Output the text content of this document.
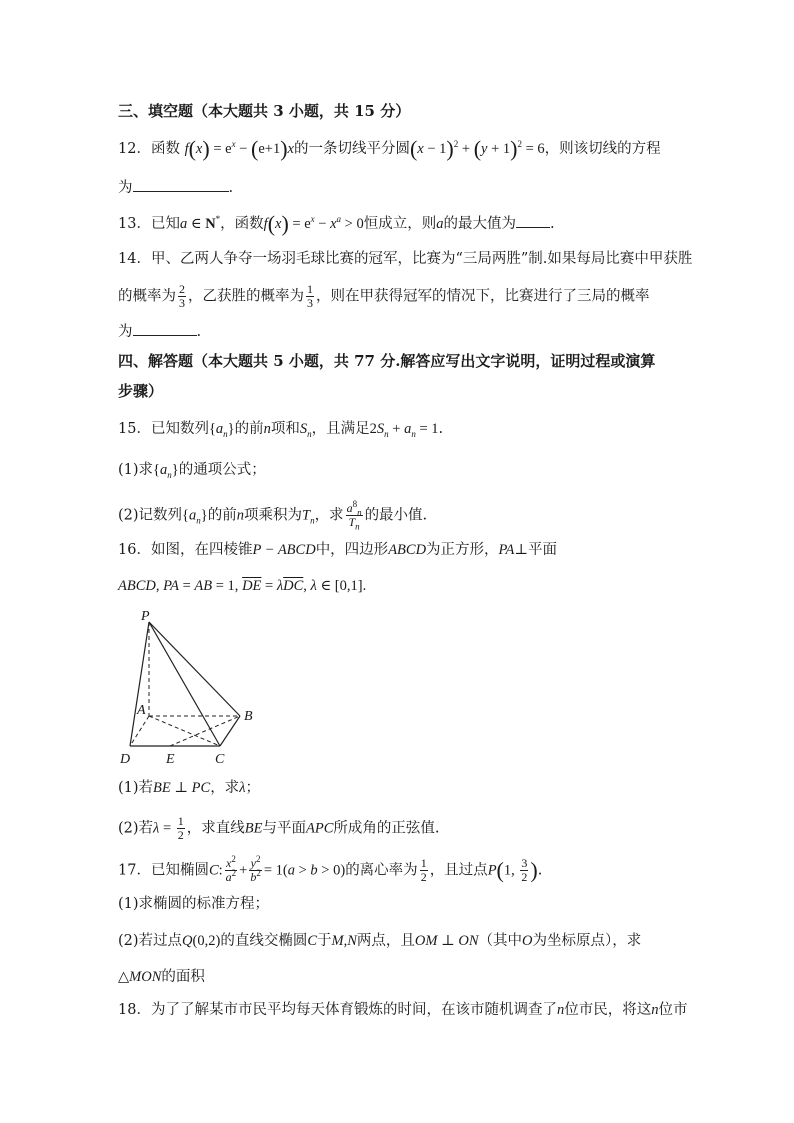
三、填空题（本大题共 3 小题，共 15 分）
12．函数 $f(x) = e^x - (e+1)x$的一条切线平分圆$(x - 1)^2 + (y + 1)^2 = 6$，则该切线的方程
为	.
13．已知a ∈ N*，函数$f(x) = e^x - x^a > 0$恒成立，则a的最大值为 .
14．甲、乙两人争夺一场羽毛球比赛的冠军，比赛为“三局两胜”制.如果每局比赛中甲获胜
的概率为 $\frac{2}{3}$ ，乙获胜的概率为 $\frac{1}{3}$ ，则在甲获得冠军的情况下，比赛进行了三局的概率
为	.
四、解答题（本大题共 5 小题，共 77 分.解答应写出文字说明，证明过程或演算
步骤）
15．已知数列$\{a_n\}$的前n项和$S_n$，且满足$2S_n + a_n = 1$.
(1)求$\{a_n\}$的通项公式；
(2)记数列$\{a_n\}$的前n项乘积为$T_n$，求 $\frac{a^8_n}{T_n}$ 的最小值.
16．如图，在四棱锥P − ABCD中，四边形ABCD为正方形，PA⊥平面
ABCD, PA = AB = 1, $\overline{DE} = \lambda\overline{DC}$, λ ∈ [0,1].
P
A	B
C
D	E
(1)若BE ⊥ PC，求λ；
(2)若$\lambda = \frac{1}{2}$ ，求直线BE与平面APC所成角的正弦值.
17．已知椭圆C: $\frac{x^2}{a^2} + \frac{y^2}{b^2} = 1(a > b > 0)$的离心率为 $\frac{1}{2}$ ，且过点P(1, $\frac{3}{2}$ ).
(1)求椭圆的标准方程；
(2)若过点Q(0,2)的直线交椭圆C于M,N两点，且OM ⊥ ON（其中O为坐标原点），求
△MON的面积
18．为了了解某市市民平均每天体育锻炼的时间，在该市随机调查了n位市民，将这n位市
